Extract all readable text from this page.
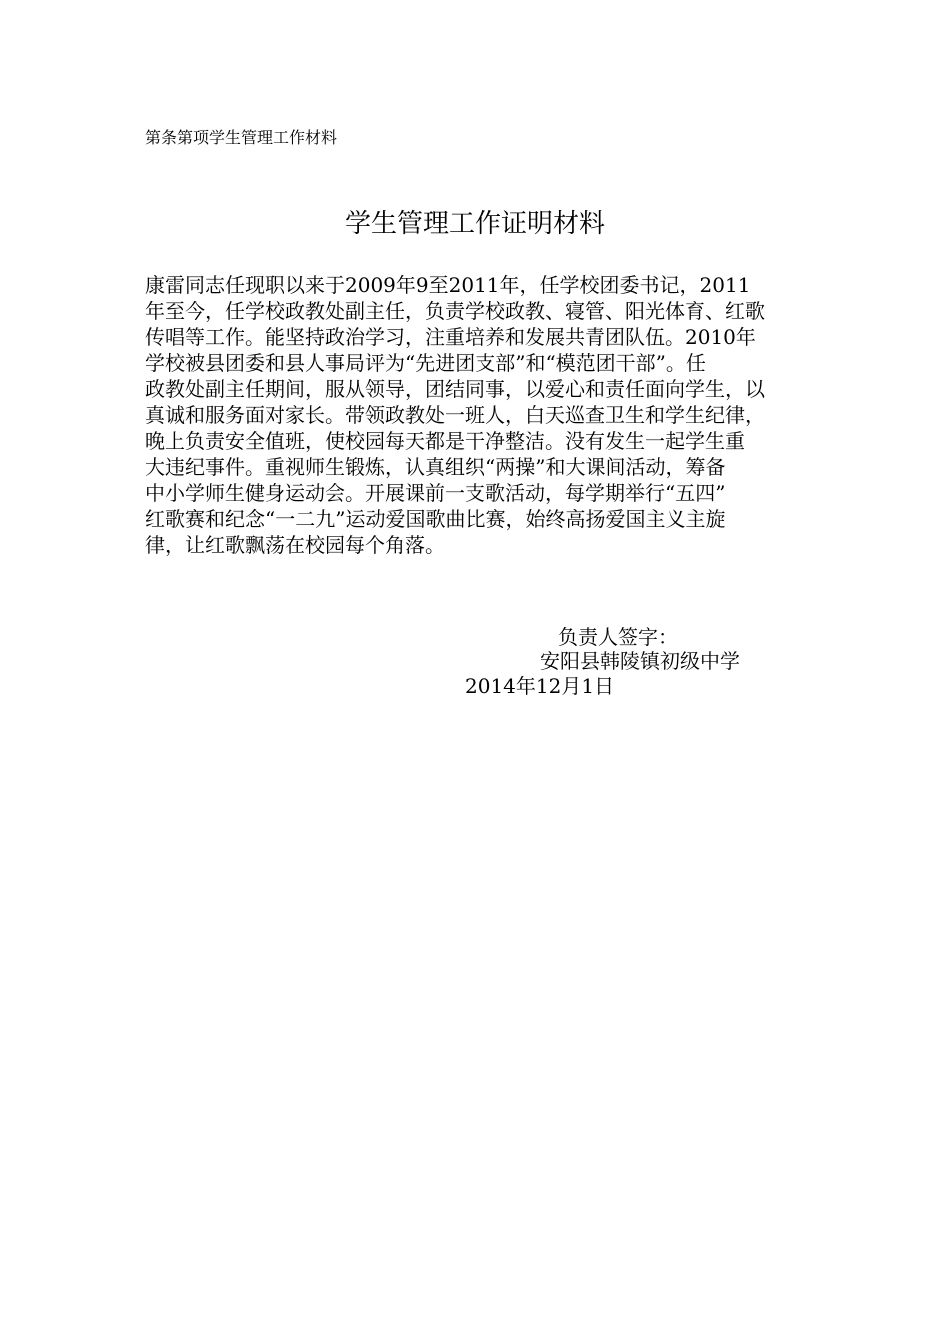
第条第项学生管理工作材料
学生管理工作证明材料
康雷同志任现职以来于2009年9至2011年，任学校团委书记，2011
年至今，任学校政教处副主任，负责学校政教、寝管、阳光体育、红歌
传唱等工作。能坚持政治学习，注重培养和发展共青团队伍。2010年
学校被县团委和县人事局评为“先进团支部”和“模范团干部”。任
政教处副主任期间，服从领导，团结同事，以爱心和责任面向学生，以
真诚和服务面对家长。带领政教处一班人，白天巡查卫生和学生纪律，
晚上负责安全值班，使校园每天都是干净整洁。没有发生一起学生重
大违纪事件。重视师生锻炼，认真组织“两操”和大课间活动，筹备
中小学师生健身运动会。开展课前一支歌活动，每学期举行“五四”
红歌赛和纪念“一二九”运动爱国歌曲比赛，始终高扬爱国主义主旋
律，让红歌飘荡在校园每个角落。
负责人签字：
安阳县韩陵镇初级中学
2014年12月1日
